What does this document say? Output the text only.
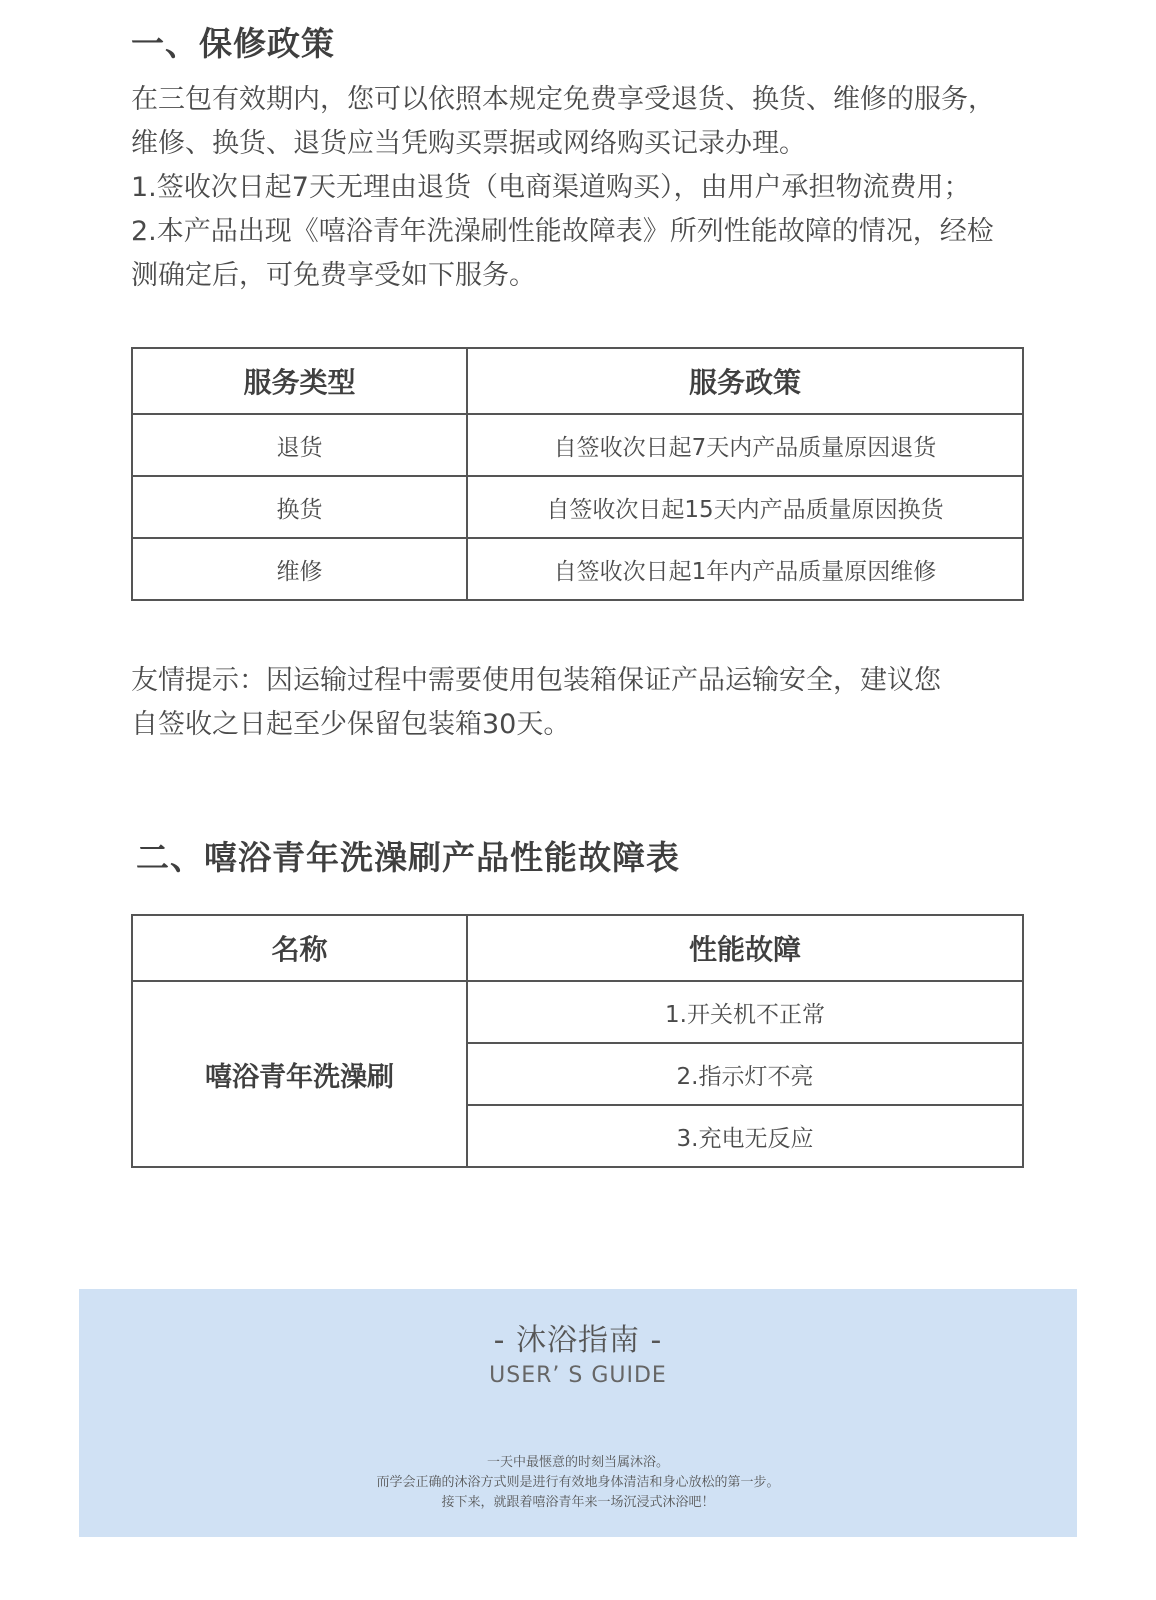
一、保修政策

在三包有效期内，您可以依照本规定免费享受退货、换货、维修的服务，

维修、换货、退货应当凭购买票据或网络购买记录办理。

1.签收次日起7天无理由退货（电商渠道购买），由用户承担物流费用；

2.本产品出现《嘻浴青年洗澡刷性能故障表》所列性能故障的情况，经检

测确定后，可免费享受如下服务。

服务类型	服务政策
退货	自签收次日起7天内产品质量原因退货
换货	自签收次日起15天内产品质量原因换货
维修	自签收次日起1年内产品质量原因维修

友情提示：因运输过程中需要使用包装箱保证产品运输安全，建议您

自签收之日起至少保留包装箱30天。

二、嘻浴青年洗澡刷产品性能故障表
名称	性能故障
嘻浴青年洗澡刷	1.开关机不正常
	2.指示灯不亮
	3.充电无反应
- 沐浴指南 -
USER’ S GUIDE

一天中最惬意的时刻当属沐浴。

而学会正确的沐浴方式则是进行有效地身体清洁和身心放松的第一步。

接下来，就跟着嘻浴青年来一场沉浸式沐浴吧！
